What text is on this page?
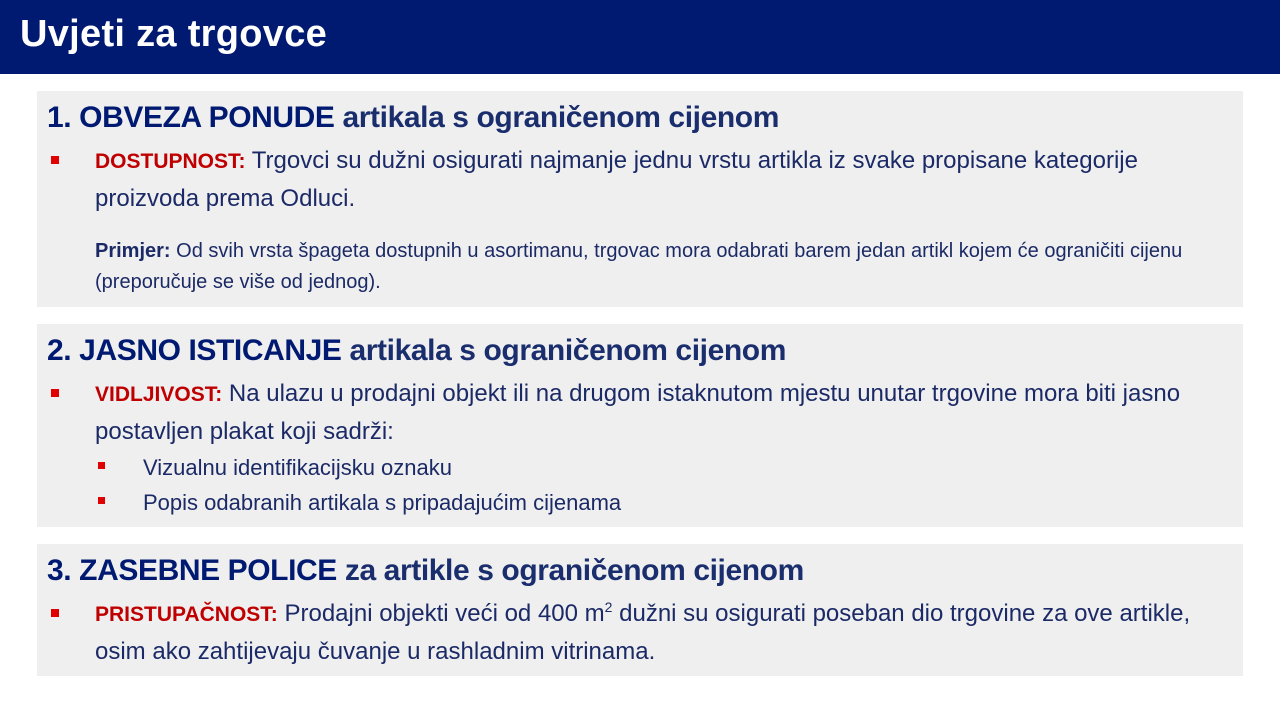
Uvjeti za trgovce
1. OBVEZA PONUDE artikala s ograničenom cijenom
DOSTUPNOST: Trgovci su dužni osigurati najmanje jednu vrstu artikla iz svake propisane kategorije proizvoda prema Odluci.
Primjer: Od svih vrsta špageta dostupnih u asortimanu, trgovac mora odabrati barem jedan artikl kojem će ograničiti cijenu (preporučuje se više od jednog).
2. JASNO ISTICANJE artikala s ograničenom cijenom
VIDLJIVOST: Na ulazu u prodajni objekt ili na drugom istaknutom mjestu unutar trgovine mora biti jasno postavljen plakat koji sadrži:
Vizualnu identifikacijsku oznaku
Popis odabranih artikala s pripadajućim cijenama
3. ZASEBNE POLICE za artikle s ograničenom cijenom
PRISTUPAČNOST: Prodajni objekti veći od 400 $m^2$ dužni su osigurati poseban dio trgovine za ove artikle, osim ako zahtijevaju čuvanje u rashladnim vitrinama.
